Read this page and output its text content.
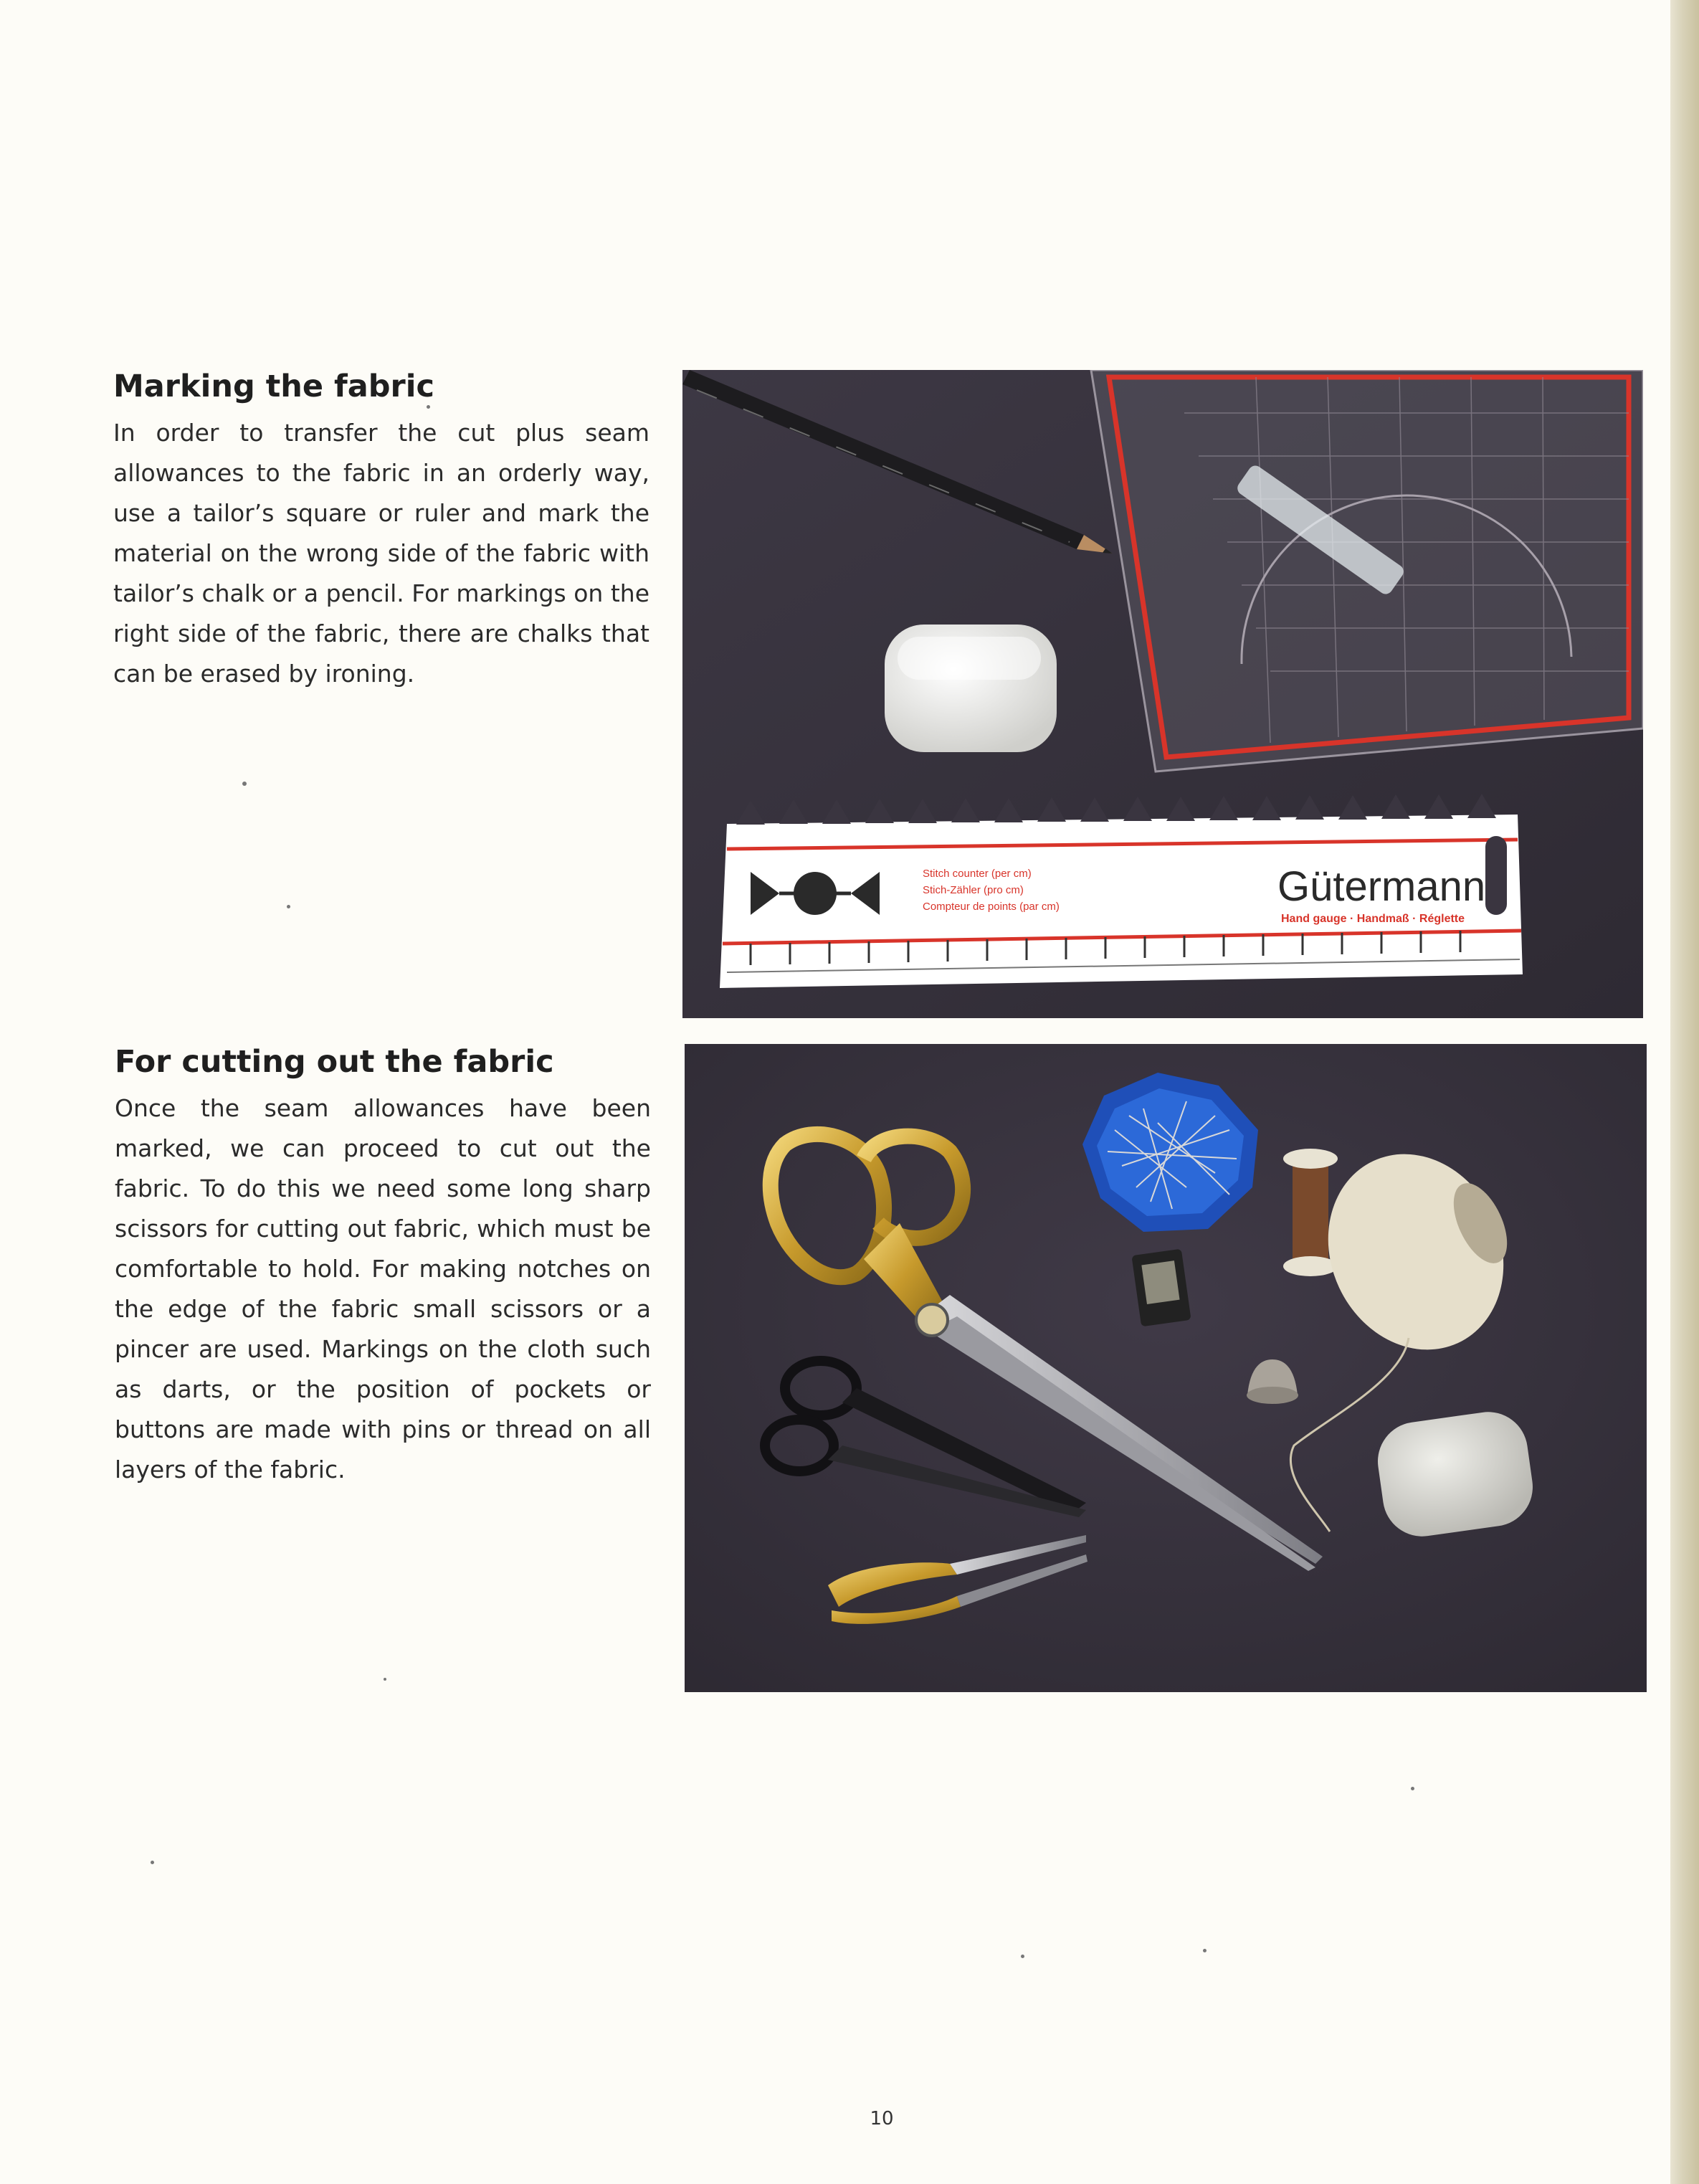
Marking the fabric

In order to transfer the cut plus seam allowances to the fabric in an orderly way, use a tailor’s square or ruler and mark the material on the wrong side of the fabric with tailor’s chalk or a pencil. For markings on the right side of the fabric, there are chalks that can be erased by ironing.

For cutting out the fabric

Once the seam allowances have been marked, we can proceed to cut out the fabric. To do this we need some long sharp scissors for cutting out fabric, which must be comfortable to hold. For making notches on the edge of the fabric small scissors or a pincer are used. Markings on the cloth such as darts, or the position of pockets or buttons are made with pins or thread on all layers of the fabric.

Stitch counter (per cm)
Stich-Zähler (pro cm)
Compteur de points (par cm)	Gütermann
Hand gauge · Handmaß · Réglette
10
